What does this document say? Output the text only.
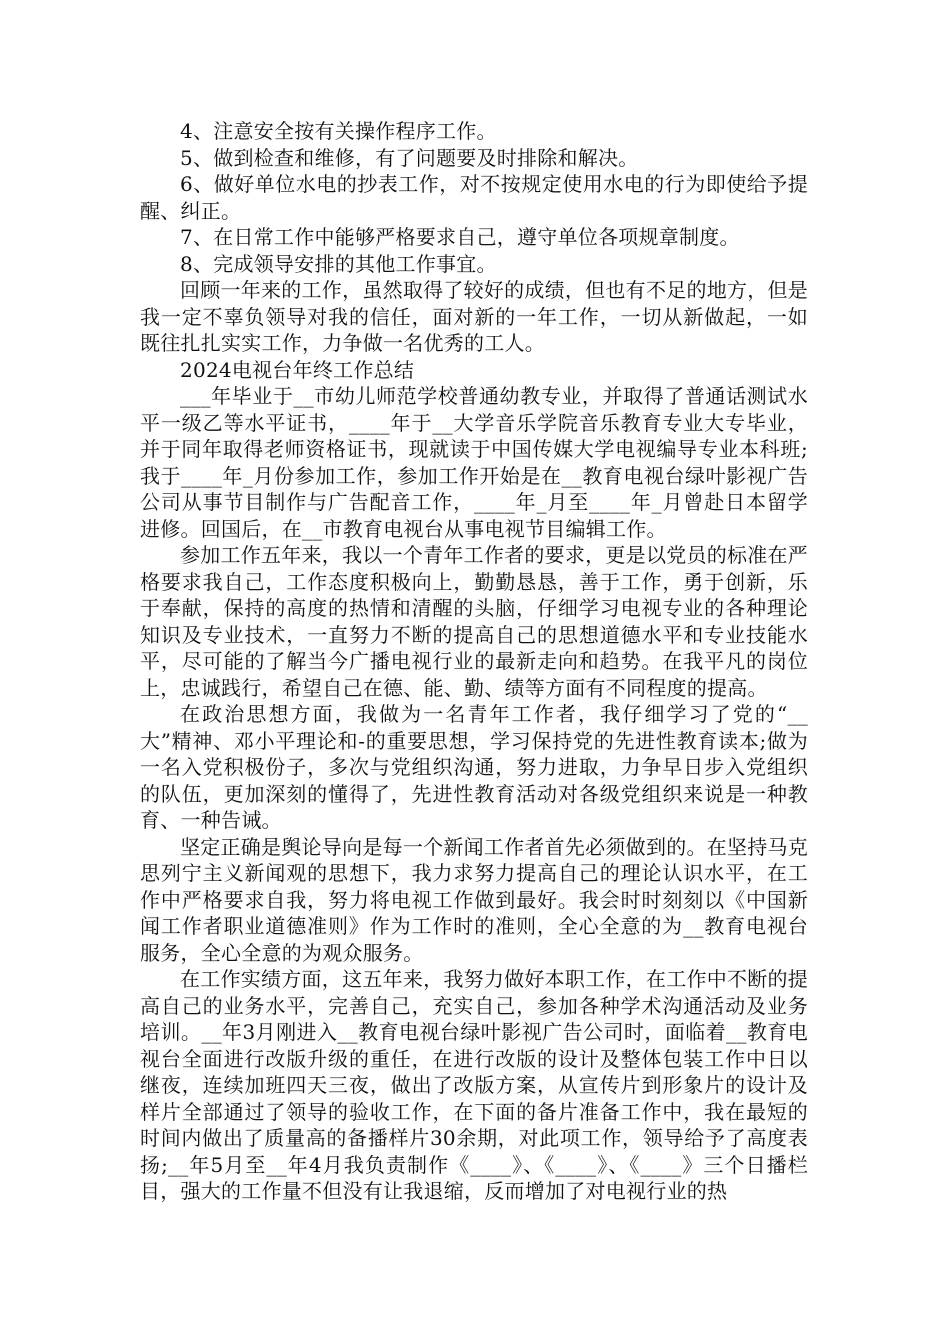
4、注意安全按有关操作程序工作。

5、做到检查和维修，有了问题要及时排除和解决。

6、做好单位水电的抄表工作，对不按规定使用水电的行为即使给予提醒、纠正。

7、在日常工作中能够严格要求自己，遵守单位各项规章制度。

8、完成领导安排的其他工作事宜。

回顾一年来的工作，虽然取得了较好的成绩，但也有不足的地方，但是我一定不辜负领导对我的信任，面对新的一年工作，一切从新做起，一如既往扎扎实实工作，力争做一名优秀的工人。

2024电视台年终工作总结

___年毕业于__市幼儿师范学校普通幼教专业，并取得了普通话测试水平一级乙等水平证书，____年于__大学音乐学院音乐教育专业大专毕业，并于同年取得老师资格证书，现就读于中国传媒大学电视编导专业本科班;我于____年_月份参加工作，参加工作开始是在__教育电视台绿叶影视广告公司从事节目制作与广告配音工作，____年_月至____年_月曾赴日本留学进修。回国后，在__市教育电视台从事电视节目编辑工作。

参加工作五年来，我以一个青年工作者的要求，更是以党员的标准在严格要求我自己，工作态度积极向上，勤勤恳恳，善于工作，勇于创新，乐于奉献，保持的高度的热情和清醒的头脑，仔细学习电视专业的各种理论知识及专业技术，一直努力不断的提高自己的思想道德水平和专业技能水平，尽可能的了解当今广播电视行业的最新走向和趋势。在我平凡的岗位上，忠诚践行，希望自己在德、能、勤、绩等方面有不同程度的提高。

在政治思想方面，我做为一名青年工作者，我仔细学习了党的“__大”精神、邓小平理论和-的重要思想，学习保持党的先进性教育读本;做为一名入党积极份子，多次与党组织沟通，努力进取，力争早日步入党组织的队伍，更加深刻的懂得了，先进性教育活动对各级党组织来说是一种教育、一种告诫。

坚定正确是舆论导向是每一个新闻工作者首先必须做到的。在坚持马克思列宁主义新闻观的思想下，我力求努力提高自己的理论认识水平，在工作中严格要求自我，努力将电视工作做到最好。我会时时刻刻以《中国新闻工作者职业道德准则》作为工作时的准则，全心全意的为__教育电视台服务，全心全意的为观众服务。

在工作实绩方面，这五年来，我努力做好本职工作，在工作中不断的提高自己的业务水平，完善自己，充实自己，参加各种学术沟通活动及业务培训。__年3月刚进入__教育电视台绿叶影视广告公司时，面临着__教育电视台全面进行改版升级的重任，在进行改版的设计及整体包装工作中日以继夜，连续加班四天三夜，做出了改版方案，从宣传片到形象片的设计及样片全部通过了领导的验收工作，在下面的备片准备工作中，我在最短的时间内做出了质量高的备播样片30余期，对此项工作，领导给予了高度表扬;__年5月至__年4月我负责制作《____》、《____》、《____》三个日播栏目，强大的工作量不但没有让我退缩，反而增加了对电视行业的热
